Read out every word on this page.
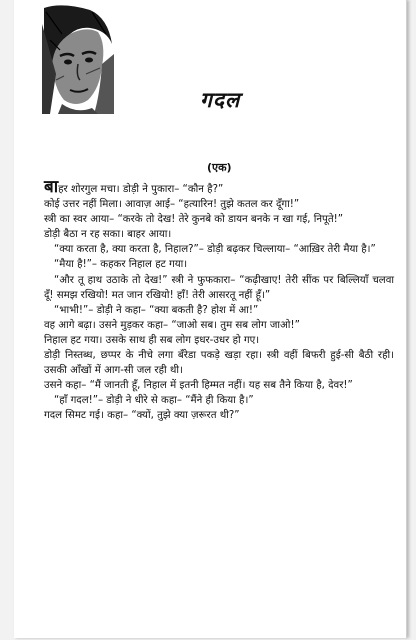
गदल
(एक)

बाहर शोरगुल मचा। डोड़ी ने पुकारा– “कौन है?”

कोई उत्तर नहीं मिला। आवाज़ आई– “हत्यारिन! तुझे कतल कर दूँगा!”

स्त्री का स्वर आया– “करके तो देख! तेरे कुनबे को डायन बनके न खा गई, निपूते!”

डोड़ी बैठा न रह सका। बाहर आया।

“क्या करता है, क्या करता है, निहाल?”– डोड़ी बढ़कर चिल्लाया– “आख़िर तेरी मैया है।”

“मैया है!”– कहकर निहाल हट गया।

“और तू हाथ उठाके तो देख!” स्त्री ने फुफकारा– “कढ़ीखाए! तेरी सींक पर बिल्लियाँ चलवा दूँ! समझ रखियो! मत जान रखियो! हाँ! तेरी आसरतू नहीं हूँ।”

“भाभी!”– डोड़ी ने कहा– “क्या बकती है? होश में आ!”

वह आगे बढ़ा। उसने मुड़कर कहा– “जाओ सब। तुम सब लोग जाओ!”

निहाल हट गया। उसके साथ ही सब लोग इधर-उधर हो गए।

डोड़ी निस्तब्ध, छप्पर के नीचे लगा बँरेडा पकड़े खड़ा रहा। स्त्री वहीं बिफरी हुई-सी बैठी रही। उसकी आँखों में आग-सी जल रही थी।

उसने कहा– “मैं जानती हूँ, निहाल में इतनी हिम्मत नहीं। यह सब तैने किया है, देवर!”

“हाँ गदल!”– डोड़ी ने धीरे से कहा– “मैंने ही किया है।”

गदल सिमट गई। कहा– “क्यों, तुझे क्या ज़रूरत थी?”
